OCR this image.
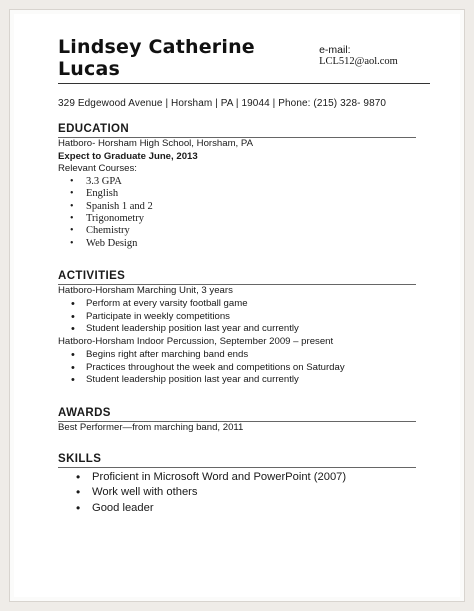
Lindsey Catherine Lucas
e-mail: LCL512@aol.com
329 Edgewood Avenue | Horsham | PA | 19044 | Phone: (215) 328- 9870
EDUCATION
Hatboro- Horsham High School, Horsham, PA
Expect to Graduate June, 2013
Relevant Courses:
• 3.3 GPA
• English
• Spanish 1 and 2
• Trigonometry
• Chemistry
• Web Design
ACTIVITIES
Hatboro-Horsham Marching Unit, 3 years
• Perform at every varsity football game
• Participate in weekly competitions
• Student leadership position last year and currently
Hatboro-Horsham Indoor Percussion, September 2009 – present
• Begins right after marching band ends
• Practices throughout the week and competitions on Saturday
• Student leadership position last year and currently
AWARDS
Best Performer—from marching band, 2011
SKILLS
• Proficient in Microsoft Word and PowerPoint (2007)
• Work well with others
• Good leader
